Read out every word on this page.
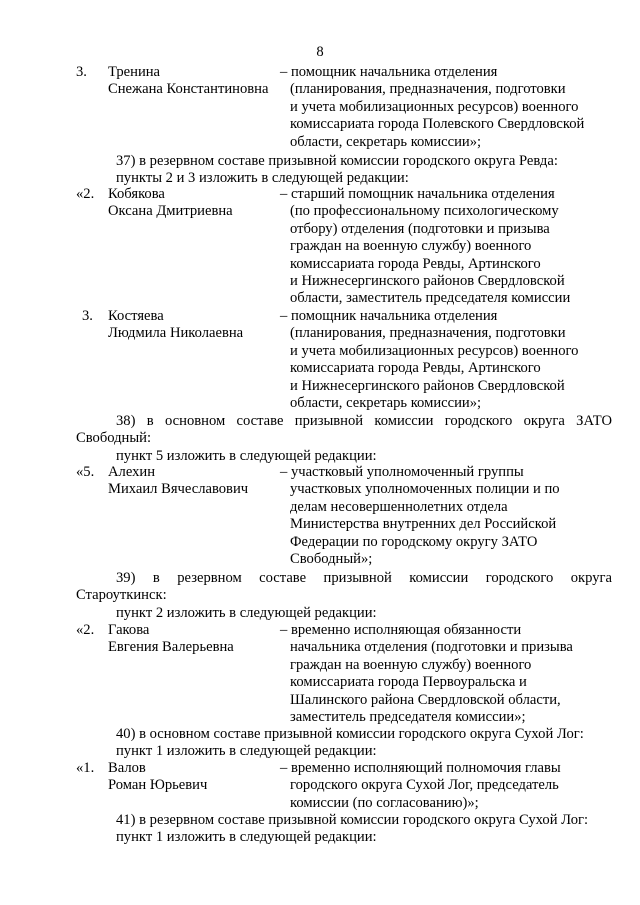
8
3.	Тренина
Снежана Константиновна
– помощник начальника отделения
(планирования, предназначения, подготовки
и учета мобилизационных ресурсов) военного
комиссариата города Полевского Свердловской
области, секретарь комиссии»;
37) в резервном составе призывной комиссии городского округа Ревда:
пункты 2 и 3 изложить в следующей редакции:
«2. Кобякова
Оксана Дмитриевна
– старший помощник начальника отделения
(по профессиональному психологическому
отбору) отделения (подготовки и призыва
граждан на военную службу) военного
комиссариата города Ревды, Артинского
и Нижнесергинского районов Свердловской
области, заместитель председателя комиссии
3.	Костяева
Людмила Николаевна
– помощник начальника отделения
(планирования, предназначения, подготовки
и учета мобилизационных ресурсов) военного
комиссариата города Ревды, Артинского
и Нижнесергинского районов Свердловской
области, секретарь комиссии»;
38) в основном составе призывной комиссии городского округа ЗАТО
Свободный:
пункт 5 изложить в следующей редакции:
«5. Алехин
Михаил Вячеславович
– участковый уполномоченный группы
участковых уполномоченных полиции и по
делам несовершеннолетних отдела
Министерства внутренних дел Российской
Федерации по городскому округу ЗАТО
Свободный»;
39) в резервном составе призывной комиссии городского округа
Староуткинск:
пункт 2 изложить в следующей редакции:
«2. Гакова
Евгения Валерьевна
– временно исполняющая обязанности
начальника отделения (подготовки и призыва
граждан на военную службу) военного
комиссариата города Первоуральска и
Шалинского района Свердловской области,
заместитель председателя комиссии»;
40) в основном составе призывной комиссии городского округа Сухой Лог:
пункт 1 изложить в следующей редакции:
«1. Валов
Роман Юрьевич
– временно исполняющий полномочия главы
городского округа Сухой Лог, председатель
комиссии (по согласованию)»;
41) в резервном составе призывной комиссии городского округа Сухой Лог:
пункт 1 изложить в следующей редакции:
